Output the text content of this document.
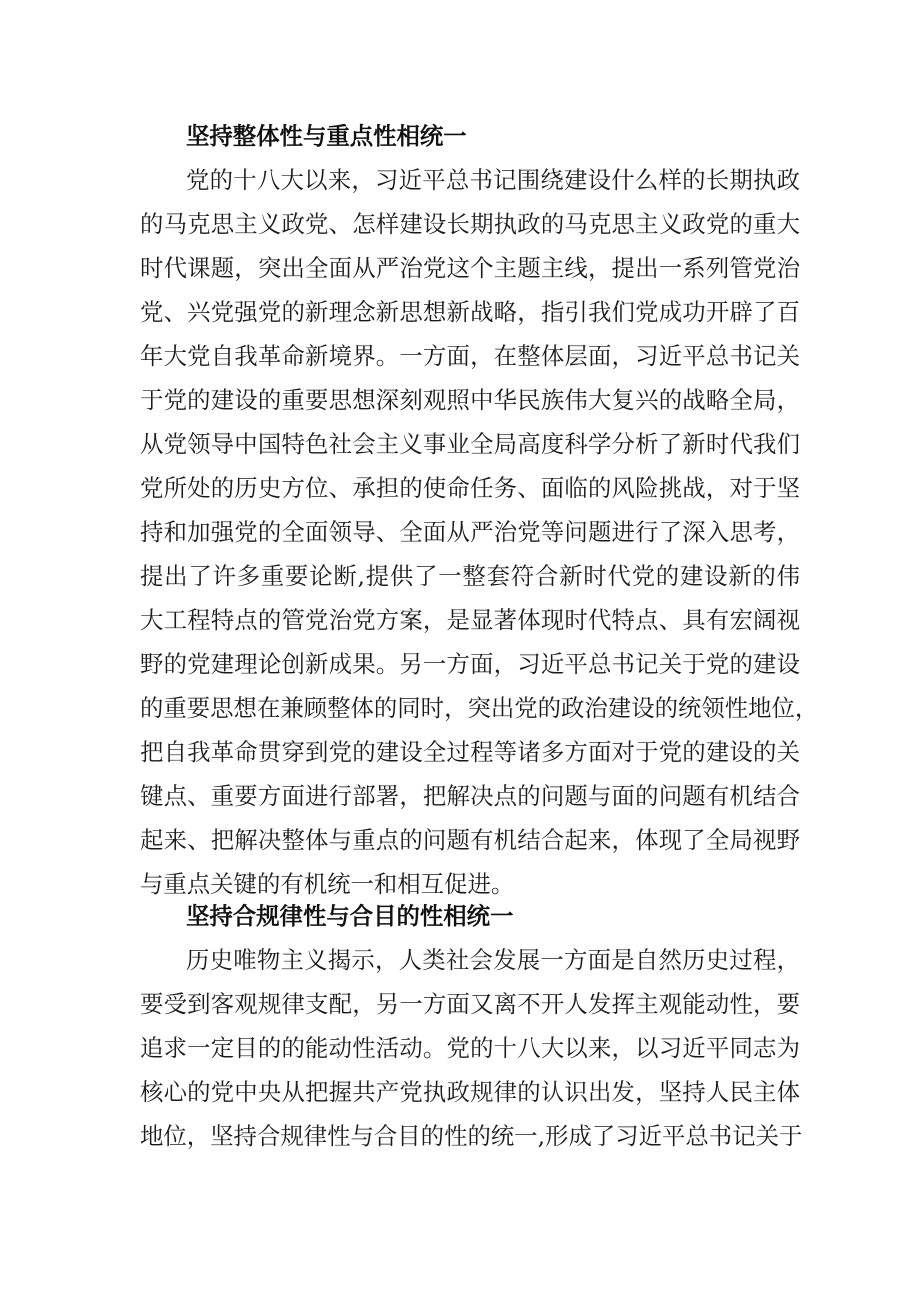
坚持整体性与重点性相统一
党的十八大以来，习近平总书记围绕建设什么样的长期执政
的马克思主义政党、怎样建设长期执政的马克思主义政党的重大
时代课题，突出全面从严治党这个主题主线，提出一系列管党治
党、兴党强党的新理念新思想新战略，指引我们党成功开辟了百
年大党自我革命新境界。一方面，在整体层面，习近平总书记关
于党的建设的重要思想深刻观照中华民族伟大复兴的战略全局，
从党领导中国特色社会主义事业全局高度科学分析了新时代我们
党所处的历史方位、承担的使命任务、面临的风险挑战，对于坚
持和加强党的全面领导、全面从严治党等问题进行了深入思考，
提出了许多重要论断,提供了一整套符合新时代党的建设新的伟
大工程特点的管党治党方案，是显著体现时代特点、具有宏阔视
野的党建理论创新成果。另一方面，习近平总书记关于党的建设
的重要思想在兼顾整体的同时，突出党的政治建设的统领性地位，
把自我革命贯穿到党的建设全过程等诸多方面对于党的建设的关
键点、重要方面进行部署，把解决点的问题与面的问题有机结合
起来、把解决整体与重点的问题有机结合起来，体现了全局视野
与重点关键的有机统一和相互促进。
坚持合规律性与合目的性相统一
历史唯物主义揭示，人类社会发展一方面是自然历史过程，
要受到客观规律支配，另一方面又离不开人发挥主观能动性，要
追求一定目的的能动性活动。党的十八大以来，以习近平同志为
核心的党中央从把握共产党执政规律的认识出发，坚持人民主体
地位，坚持合规律性与合目的性的统一,形成了习近平总书记关于
